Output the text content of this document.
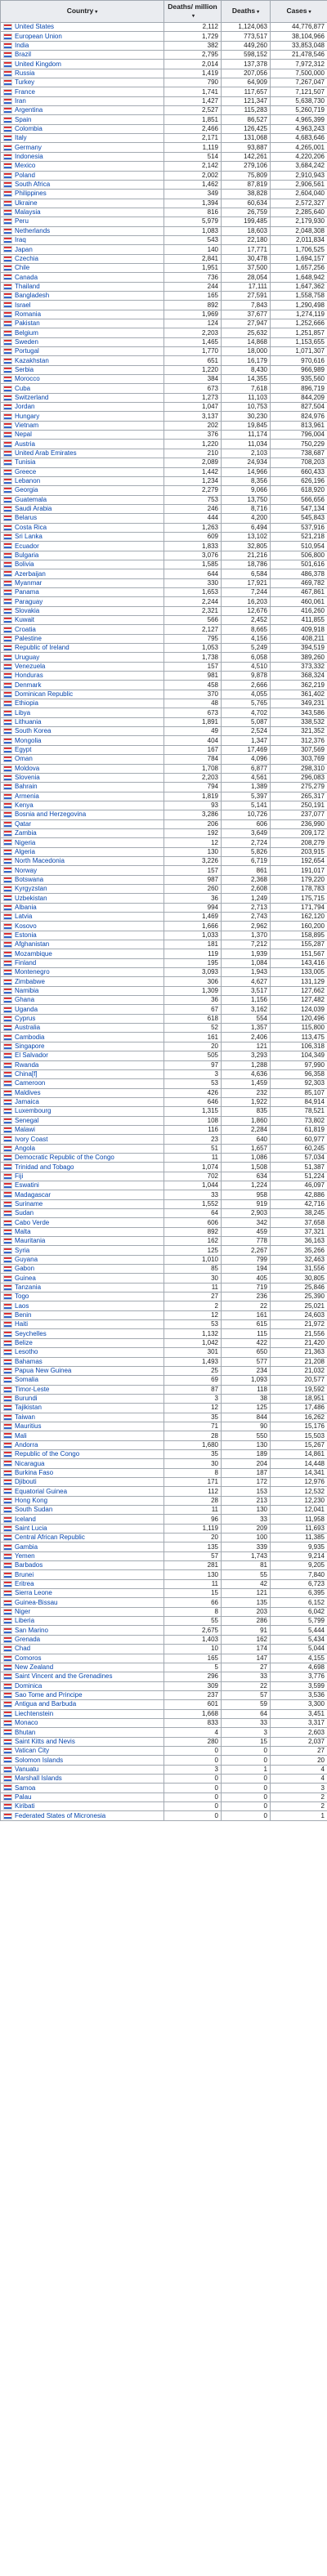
Country ▾	Deaths/ million▾	Deaths ▾	Cases ▾
United States	2,112	1,124,063	44,776,877
European Union	1,729	773,517	38,104,966
India	382	449,260	33,853,048
Brazil	2,795	598,152	21,478,546
United Kingdom	2,014	137,378	7,972,312
Russia	1,419	207,056	7,500,000
Turkey	790	64,909	7,267,047
France	1,741	117,657	7,121,507
Iran	1,427	121,347	5,638,730
Argentina	2,527	115,283	5,260,719
Spain	1,851	86,527	4,965,399
Colombia	2,466	126,425	4,963,243
Italy	2,171	131,068	4,683,646
Germany	1,119	93,887	4,265,001
Indonesia	514	142,261	4,220,206
Mexico	2,142	279,106	3,684,242
Poland	2,002	75,809	2,910,943
South Africa	1,462	87,819	2,906,561
Philippines	349	38,828	2,604,040
Ukraine	1,394	60,634	2,572,327
Malaysia	816	26,759	2,285,640
Peru	5,979	199,485	2,179,930
Netherlands	1,083	18,603	2,048,308
Iraq	543	22,180	2,011,834
Japan	140	17,771	1,706,525
Czechia	2,841	30,478	1,694,157
Chile	1,951	37,500	1,657,256
Canada	736	28,054	1,648,942
Thailand	244	17,111	1,647,362
Bangladesh	165	27,591	1,558,758
Israel	892	7,843	1,290,498
Romania	1,969	37,677	1,274,119
Pakistan	124	27,947	1,252,666
Belgium	2,203	25,632	1,251,857
Sweden	1,465	14,868	1,153,655
Portugal	1,770	18,000	1,071,307
Kazakhstan	651	16,179	970,616
Serbia	1,220	8,430	966,989
Morocco	384	14,355	935,560
Cuba	673	7,618	896,719
Switzerland	1,273	11,103	844,209
Jordan	1,047	10,753	827,504
Hungary	3,137	30,230	824,976
Vietnam	202	19,845	813,961
Nepal	376	11,174	796,004
Austria	1,220	11,034	750,229
United Arab Emirates	210	2,103	738,687
Tunisia	2,089	24,934	708,203
Greece	1,442	14,966	660,433
Lebanon	1,234	8,356	626,196
Georgia	2,279	9,066	618,920
Guatemala	753	13,750	566,656
Saudi Arabia	246	8,716	547,134
Belarus	444	4,200	545,843
Costa Rica	1,263	6,494	537,916
Sri Lanka	609	13,102	521,218
Ecuador	1,833	32,805	510,954
Bulgaria	3,076	21,216	506,800
Bolivia	1,585	18,786	501,616
Azerbaijan	644	6,584	486,378
Myanmar	330	17,921	469,782
Panama	1,653	7,244	467,861
Paraguay	2,244	16,203	460,061
Slovakia	2,321	12,676	416,260
Kuwait	566	2,452	411,855
Croatia	2,127	8,665	409,918
Palestine	795	4,156	408,211
Republic of Ireland	1,053	5,249	394,519
Uruguay	1,738	6,058	389,260
Venezuela	157	4,510	373,332
Honduras	981	9,878	368,324
Denmark	458	2,666	362,219
Dominican Republic	370	4,055	361,402
Ethiopia	48	5,765	349,231
Libya	673	4,702	343,586
Lithuania	1,891	5,087	338,532
South Korea	49	2,524	321,352
Mongolia	404	1,347	312,376
Egypt	167	17,469	307,569
Oman	784	4,096	303,769
Moldova	1,708	6,877	298,310
Slovenia	2,203	4,561	296,083
Bahrain	794	1,389	275,279
Armenia	1,819	5,397	265,317
Kenya	93	5,141	250,191
Bosnia and Herzegovina	3,286	10,726	237,077
Qatar	206	606	236,990
Zambia	192	3,649	209,172
Nigeria	12	2,724	208,279
Algeria	130	5,826	203,915
North Macedonia	3,226	6,719	192,654
Norway	157	861	191,017
Botswana	987	2,368	179,220
Kyrgyzstan	260	2,608	178,783
Uzbekistan	36	1,249	175,715
Albania	994	2,713	171,794
Latvia	1,469	2,743	162,120
Kosovo	1,666	2,962	160,200
Estonia	1,033	1,370	158,895
Afghanistan	181	7,212	155,287
Mozambique	119	1,939	151,567
Finland	195	1,084	143,416
Montenegro	3,093	1,943	133,005
Zimbabwe	306	4,627	131,129
Namibia	1,309	3,517	127,662
Ghana	36	1,156	127,482
Uganda	67	3,162	124,039
Cyprus	618	554	120,496
Australia	52	1,357	115,800
Cambodia	161	2,406	113,475
Singapore	20	121	106,318
El Salvador	505	3,293	104,349
Rwanda	97	1,288	97,990
China[f]	3	4,636	96,358
Cameroon	53	1,459	92,303
Maldives	426	232	85,107
Jamaica	646	1,922	84,914
Luxembourg	1,315	835	78,521
Senegal	108	1,860	73,802
Malawi	116	2,284	61,819
Ivory Coast	23	640	60,977
Angola	51	1,657	60,245
Democratic Republic of the Congo	11	1,086	57,034
Trinidad and Tobago	1,074	1,508	51,387
Fiji	702	634	51,224
Eswatini	1,044	1,224	46,097
Madagascar	33	958	42,886
Suriname	1,552	919	42,716
Sudan	64	2,903	38,245
Cabo Verde	606	342	37,658
Malta	892	459	37,321
Mauritania	162	778	36,163
Syria	125	2,267	35,266
Guyana	1,010	799	32,463
Gabon	85	194	31,556
Guinea	30	405	30,805
Tanzania	11	719	25,846
Togo	27	236	25,390
Laos	2	22	25,021
Benin	12	161	24,603
Haiti	53	615	21,972
Seychelles	1,132	115	21,556
Belize	1,042	422	21,420
Lesotho	301	650	21,363
Bahamas	1,493	577	21,208
Papua New Guinea	25	234	21,032
Somalia	69	1,093	20,577
Timor-Leste	87	118	19,592
Burundi	3	38	18,951
Tajikistan	12	125	17,486
Taiwan	35	844	16,262
Mauritius	71	90	15,176
Mali	28	550	15,503
Andorra	1,680	130	15,267
Republic of the Congo	35	189	14,861
Nicaragua	30	204	14,448
Burkina Faso	8	187	14,341
Djibouti	171	172	12,976
Equatorial Guinea	112	153	12,532
Hong Kong	28	213	12,230
South Sudan	11	130	12,041
Iceland	96	33	11,958
Saint Lucia	1,119	209	11,693
Central African Republic	20	100	11,385
Gambia	135	339	9,935
Yemen	57	1,743	9,214
Barbados	281	81	9,205
Brunei	130	55	7,840
Eritrea	11	42	6,723
Sierra Leone	15	121	6,395
Guinea-Bissau	66	135	6,152
Niger	8	203	6,042
Liberia	55	286	5,799
San Marino	2,675	91	5,444
Grenada	1,403	162	5,434
Chad	10	174	5,044
Comoros	165	147	4,155
New Zealand	5	27	4,698
Saint Vincent and the Grenadines	296	33	3,776
Dominica	309	22	3,599
Sao Tome and Principe	237	57	3,536
Antigua and Barbuda	601	59	3,300
Liechtenstein	1,668	64	3,451
Monaco	833	33	3,317
Bhutan	4	3	2,603
Saint Kitts and Nevis	280	15	2,037
Vatican City	0	0	27
Solomon Islands	0	0	20
Vanuatu	3	1	4
Marshall Islands	0	0	4
Samoa	0	0	3
Palau	0	0	2
Kiribati	0	0	2
Federated States of Micronesia	0	0	1
